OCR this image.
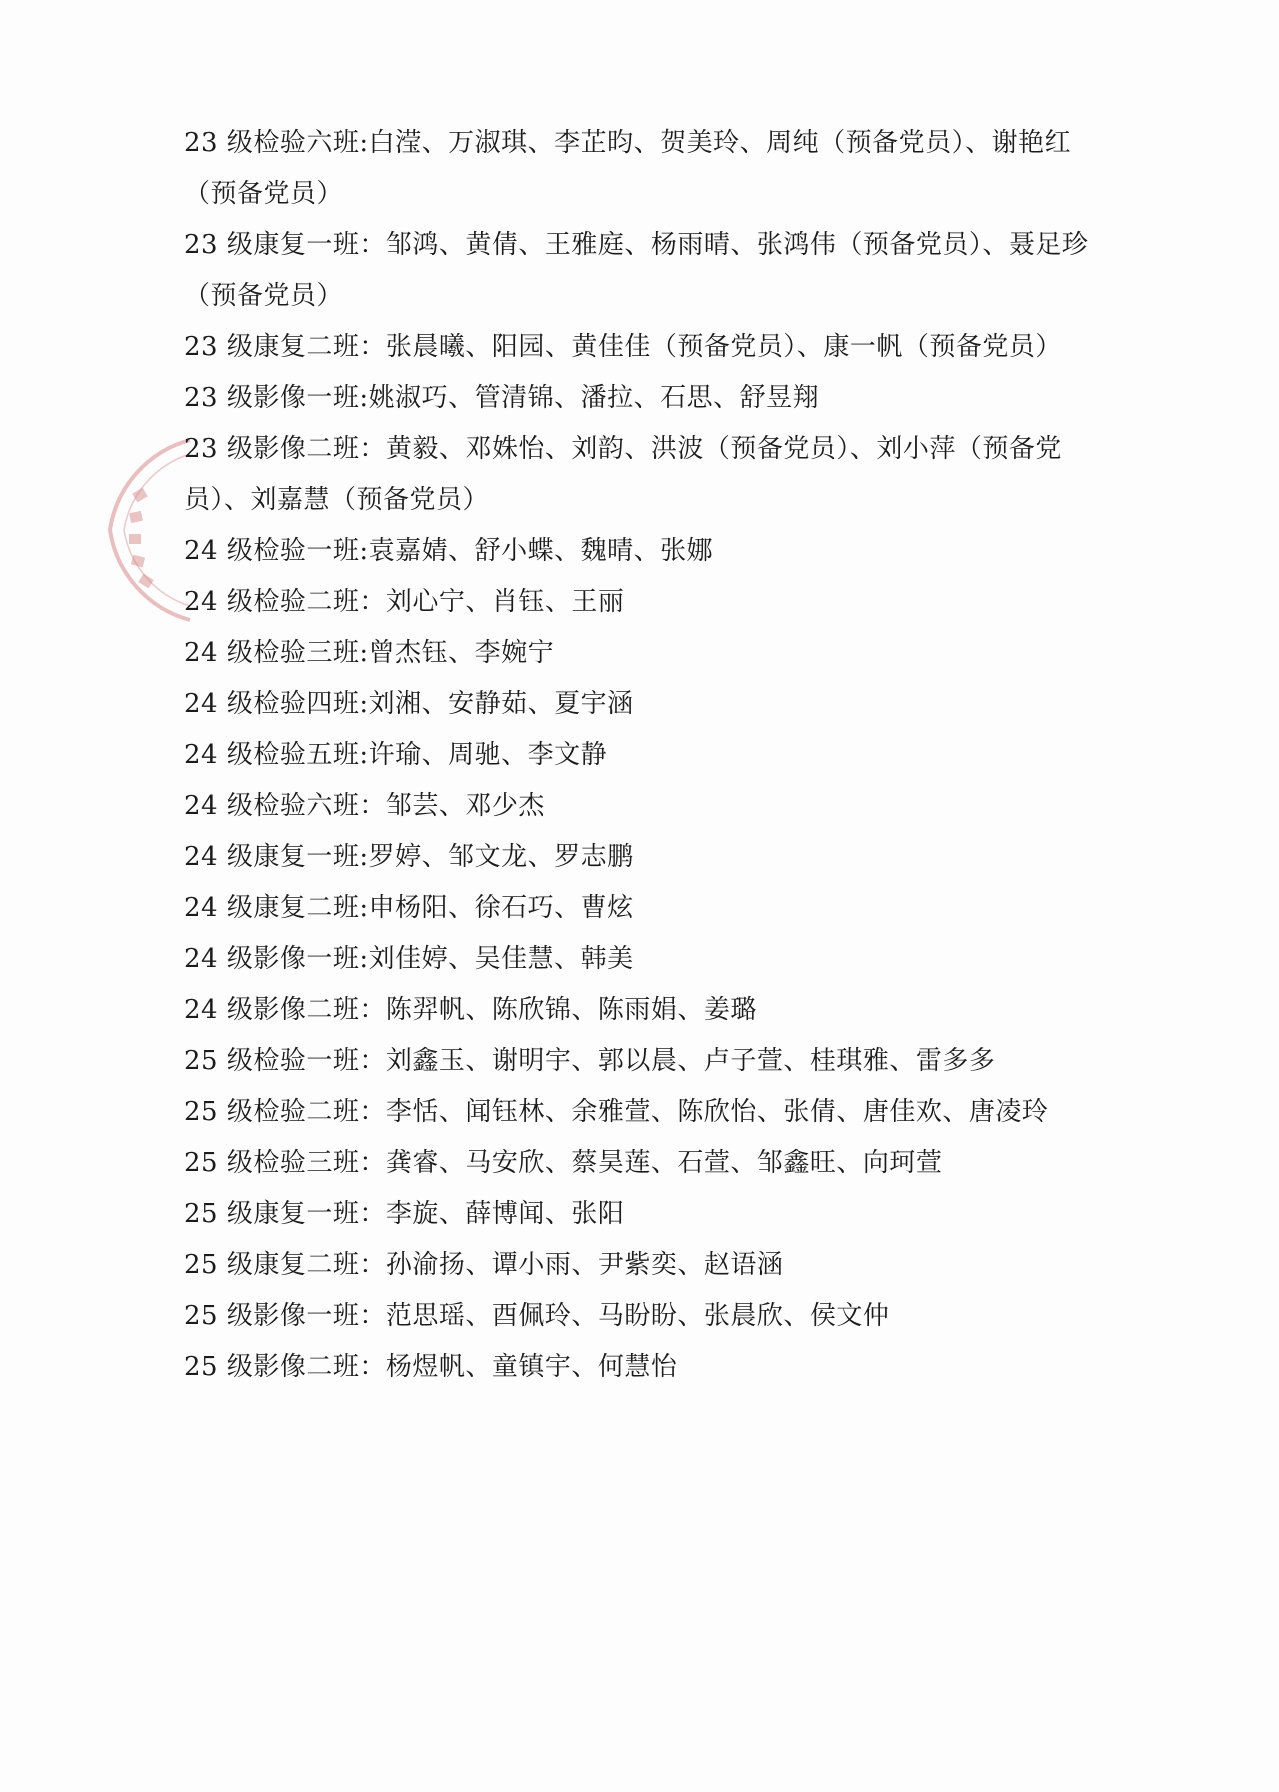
23 级检验六班:白滢、万淑琪、李芷昀、贺美玲、周纯（预备党员）、谢艳红（预备党员）
23 级康复一班：邹鸿、黄倩、王雅庭、杨雨晴、张鸿伟（预备党员）、聂足珍（预备党员）
23 级康复二班：张晨曦、阳园、黄佳佳（预备党员）、康一帆（预备党员）
23 级影像一班:姚淑巧、管清锦、潘拉、石思、舒昱翔
23 级影像二班：黄毅、邓姝怡、刘韵、洪波（预备党员）、刘小萍（预备党员）、刘嘉慧（预备党员）
24 级检验一班:袁嘉婧、舒小蝶、魏晴、张娜
24 级检验二班：刘心宁、肖钰、王丽
24 级检验三班:曾杰钰、李婉宁
24 级检验四班:刘湘、安静茹、夏宇涵
24 级检验五班:许瑜、周驰、李文静
24 级检验六班：邹芸、邓少杰
24 级康复一班:罗婷、邹文龙、罗志鹏
24 级康复二班:申杨阳、徐石巧、曹炫
24 级影像一班:刘佳婷、吴佳慧、韩美
24 级影像二班：陈羿帆、陈欣锦、陈雨娟、姜璐
25 级检验一班：刘鑫玉、谢明宇、郭以晨、卢子萱、桂琪雅、雷多多
25 级检验二班：李恬、闻钰林、余雅萱、陈欣怡、张倩、唐佳欢、唐凌玲
25 级检验三班：龚睿、马安欣、蔡昊莲、石萱、邹鑫旺、向珂萱
25 级康复一班：李旋、薛博闻、张阳
25 级康复二班：孙渝扬、谭小雨、尹紫奕、赵语涵
25 级影像一班：范思瑶、酉佩玲、马盼盼、张晨欣、侯文仲
25 级影像二班：杨煜帆、童镇宇、何慧怡
